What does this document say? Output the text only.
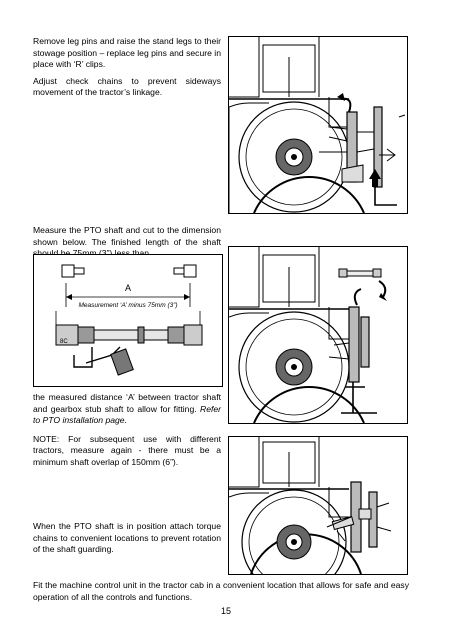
Remove leg pins and raise the stand legs to their stowage position – replace leg pins and secure in place with ‘R’ clips.

Adjust check chains to prevent sideways movement of the tractor’s linkage.

Measure the PTO shaft and cut to the dimension shown below. The finished length of the shaft

A
Measurement ‘A’ minus 75mm (3”)
8C

the measured distance ‘A’ between tractor shaft and gearbox stub shaft to allow for fitting. Refer to PTO installation page.

NOTE: For subsequent use with different tractors, measure again - there must be a minimum shaft overlap of 150mm (6”).

When the PTO shaft is in position attach torque chains to convenient locations to prevent rotation of the shaft guarding.

Fit the machine control unit in the tractor cab in a convenient location that allows for safe and easy operation of all the controls and functions.

15
